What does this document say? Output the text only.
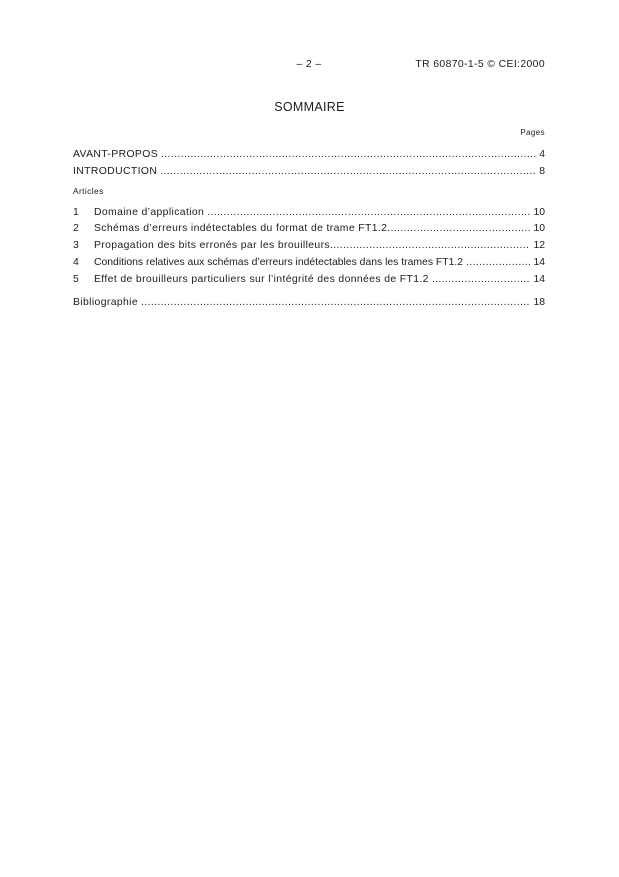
– 2 –	TR 60870-1-5 © CEI:2000
SOMMAIRE
Pages
AVANT-PROPOS .....	4
INTRODUCTION .....	8
Articles
1	Domaine d’application .....	10
2	Schémas d’erreurs indétectables du format de trame FT1.2 .....	10
3	Propagation des bits erronés par les brouilleurs .....	12
4	Conditions relatives aux schémas d’erreurs indétectables dans les trames FT1.2 .....	14
5	Effet de brouilleurs particuliers sur l’intégrité des données de FT1.2 .....	14
Bibliographie .....	18
